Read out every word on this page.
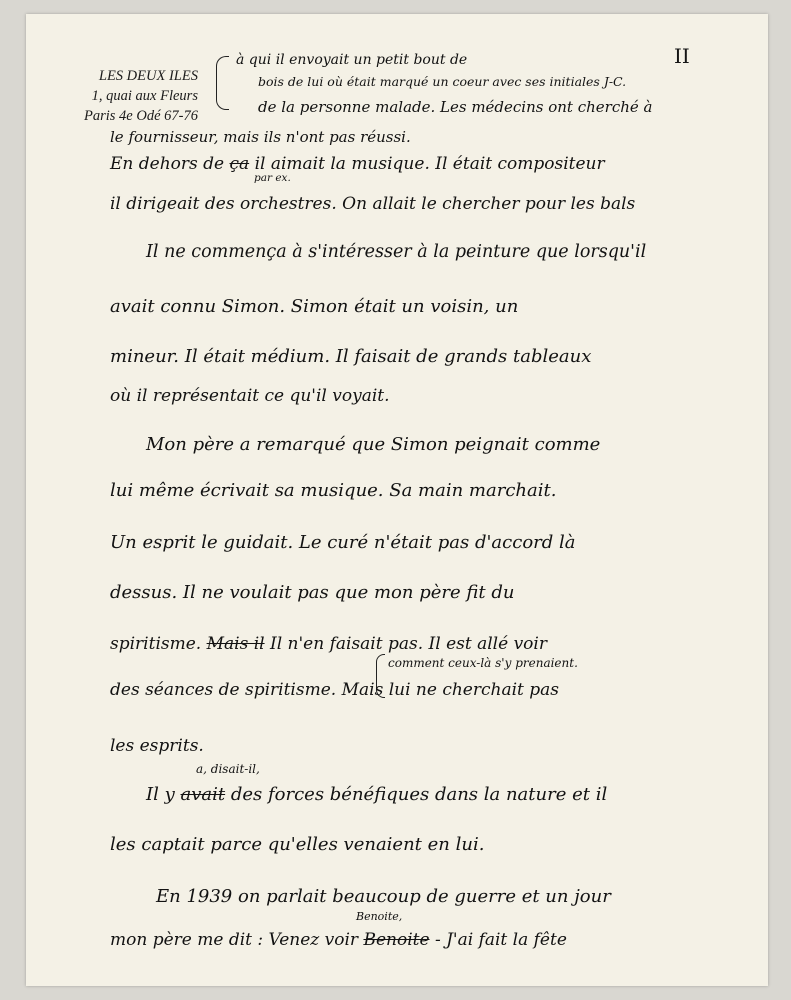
LES DEUX ILES
1, quai aux Fleurs
Paris 4e Odé 67-76
II
à qui il envoyait un petit bout de
bois de lui où était marqué un coeur avec ses initiales J-C.
de la personne malade. Les médecins ont cherché à
le fournisseur, mais ils n'ont pas réussi.
par ex.
En dehors de ça il aimait la musique. Il était compositeur
il dirigeait des orchestres. On allait le chercher pour les bals
Il ne commença à s'intéresser à la peinture que lorsqu'il
avait connu Simon. Simon était un voisin, un
mineur. Il était médium. Il faisait de grands tableaux
où il représentait ce qu'il voyait.
Mon père a remarqué que Simon peignait comme
lui même écrivait sa musique. Sa main marchait.
Un esprit le guidait. Le curé n'était pas d'accord là
dessus. Il ne voulait pas que mon père fit du
spiritisme. Mais il Il n'en faisait pas. Il est allé voir
comment ceux-là s'y prenaient.
des séances de spiritisme. Mais lui ne cherchait pas
les esprits.
a, disait-il,
Il y avait des forces bénéfiques dans la nature et il
les captait parce qu'elles venaient en lui.
En 1939 on parlait beaucoup de guerre et un jour
Benoite,
mon père me dit : Venez voir Benoite - J'ai fait la fête
